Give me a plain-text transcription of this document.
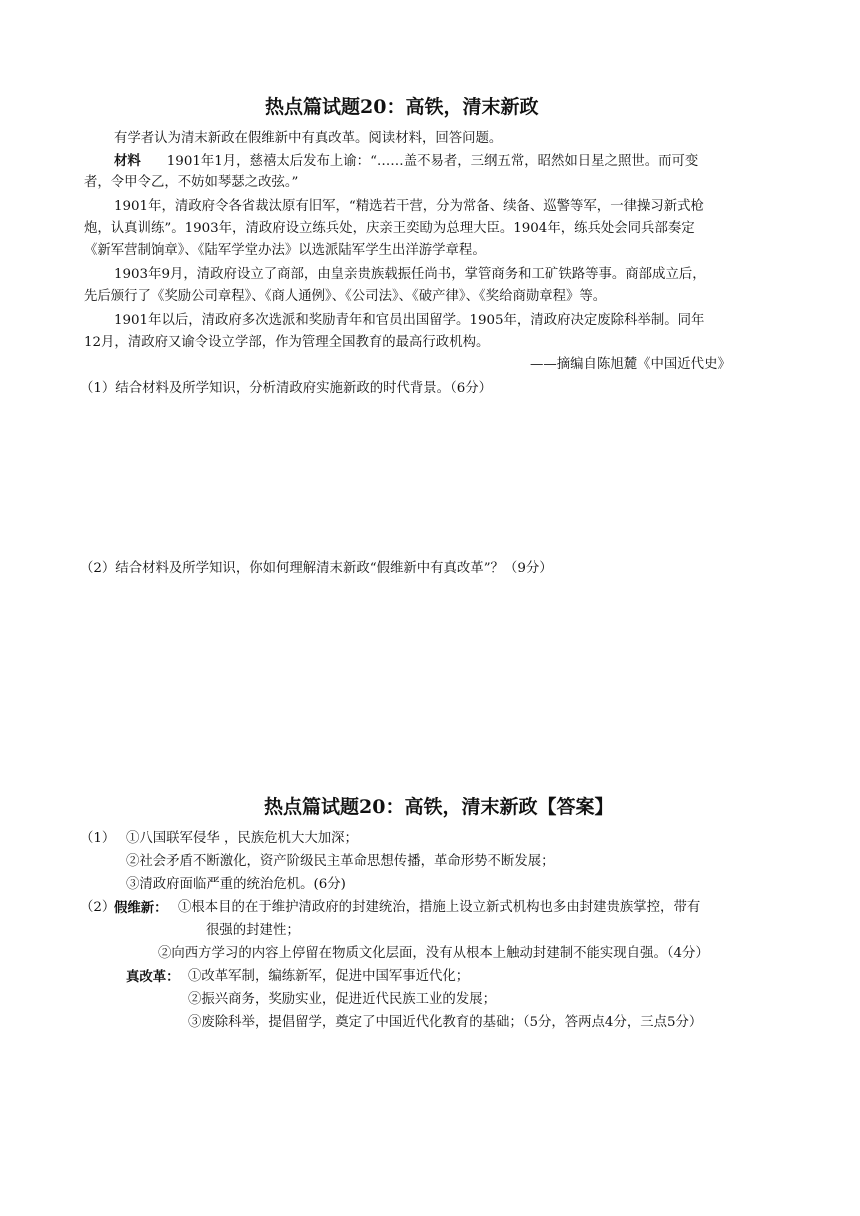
热点篇试题20：高铁，清末新政
有学者认为清末新政在假维新中有真改革。阅读材料，回答问题。
材料 1901年1月，慈禧太后发布上谕：“……盖不易者，三纲五常，昭然如日星之照世。而可变
者，令甲令乙，不妨如琴瑟之改弦。”
1901年，清政府令各省裁汰原有旧军，“精选若干营，分为常备、续备、巡警等军，一律操习新式枪
炮，认真训练”。1903年，清政府设立练兵处，庆亲王奕劻为总理大臣。1904年，练兵处会同兵部奏定
《新军营制饷章》、《陆军学堂办法》以选派陆军学生出洋游学章程。
1903年9月，清政府设立了商部，由皇亲贵族载振任尚书，掌管商务和工矿铁路等事。商部成立后，
先后颁行了《奖励公司章程》、《商人通例》、《公司法》、《破产律》、《奖给商勋章程》等。
1901年以后，清政府多次选派和奖励青年和官员出国留学。1905年，清政府决定废除科举制。同年
12月，清政府又谕令设立学部，作为管理全国教育的最高行政机构。
——摘编自陈旭麓《中国近代史》
（1）结合材料及所学知识，分析清政府实施新政的时代背景。（6分）
（2）结合材料及所学知识，你如何理解清末新政“假维新中有真改革”？（9分）
热点篇试题20：高铁，清末新政【答案】
（1） ①八国联军侵华 ，民族危机大大加深；
②社会矛盾不断激化，资产阶级民主革命思想传播，革命形势不断发展；
③清政府面临严重的统治危机。(6分)
（2）
假维新： ①根本目的在于维护清政府的封建统治，措施上设立新式机构也多由封建贵族掌控，带有
很强的封建性；
②向西方学习的内容上停留在物质文化层面，没有从根本上触动封建制不能实现自强。（4分）
真改革： ①改革军制，编练新军，促进中国军事近代化；
②振兴商务，奖励实业，促进近代民族工业的发展；
③废除科举，提倡留学，奠定了中国近代化教育的基础；（5分，答两点4分，三点5分）
